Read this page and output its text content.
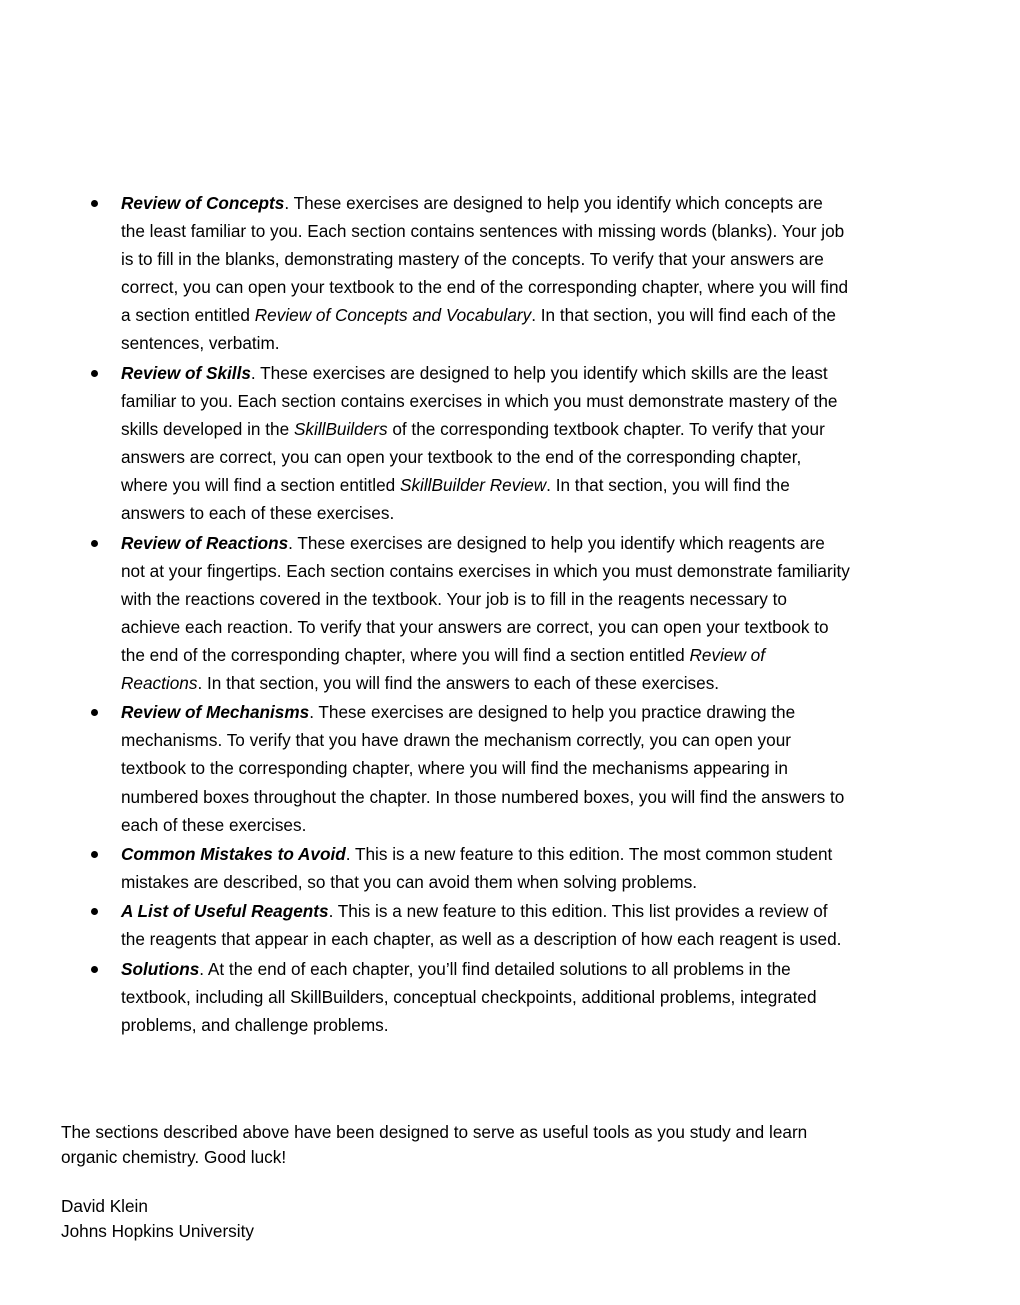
Review of Concepts. These exercises are designed to help you identify which concepts are the least familiar to you. Each section contains sentences with missing words (blanks). Your job is to fill in the blanks, demonstrating mastery of the concepts. To verify that your answers are correct, you can open your textbook to the end of the corresponding chapter, where you will find a section entitled Review of Concepts and Vocabulary. In that section, you will find each of the sentences, verbatim.
Review of Skills. These exercises are designed to help you identify which skills are the least familiar to you. Each section contains exercises in which you must demonstrate mastery of the skills developed in the SkillBuilders of the corresponding textbook chapter. To verify that your answers are correct, you can open your textbook to the end of the corresponding chapter, where you will find a section entitled SkillBuilder Review. In that section, you will find the answers to each of these exercises.
Review of Reactions. These exercises are designed to help you identify which reagents are not at your fingertips. Each section contains exercises in which you must demonstrate familiarity with the reactions covered in the textbook. Your job is to fill in the reagents necessary to achieve each reaction. To verify that your answers are correct, you can open your textbook to the end of the corresponding chapter, where you will find a section entitled Review of Reactions. In that section, you will find the answers to each of these exercises.
Review of Mechanisms. These exercises are designed to help you practice drawing the mechanisms. To verify that you have drawn the mechanism correctly, you can open your textbook to the corresponding chapter, where you will find the mechanisms appearing in numbered boxes throughout the chapter. In those numbered boxes, you will find the answers to each of these exercises.
Common Mistakes to Avoid. This is a new feature to this edition. The most common student mistakes are described, so that you can avoid them when solving problems.
A List of Useful Reagents. This is a new feature to this edition. This list provides a review of the reagents that appear in each chapter, as well as a description of how each reagent is used.
Solutions. At the end of each chapter, you’ll find detailed solutions to all problems in the textbook, including all SkillBuilders, conceptual checkpoints, additional problems, integrated problems, and challenge problems.

The sections described above have been designed to serve as useful tools as you study and learn organic chemistry. Good luck!

David Klein
Johns Hopkins University
